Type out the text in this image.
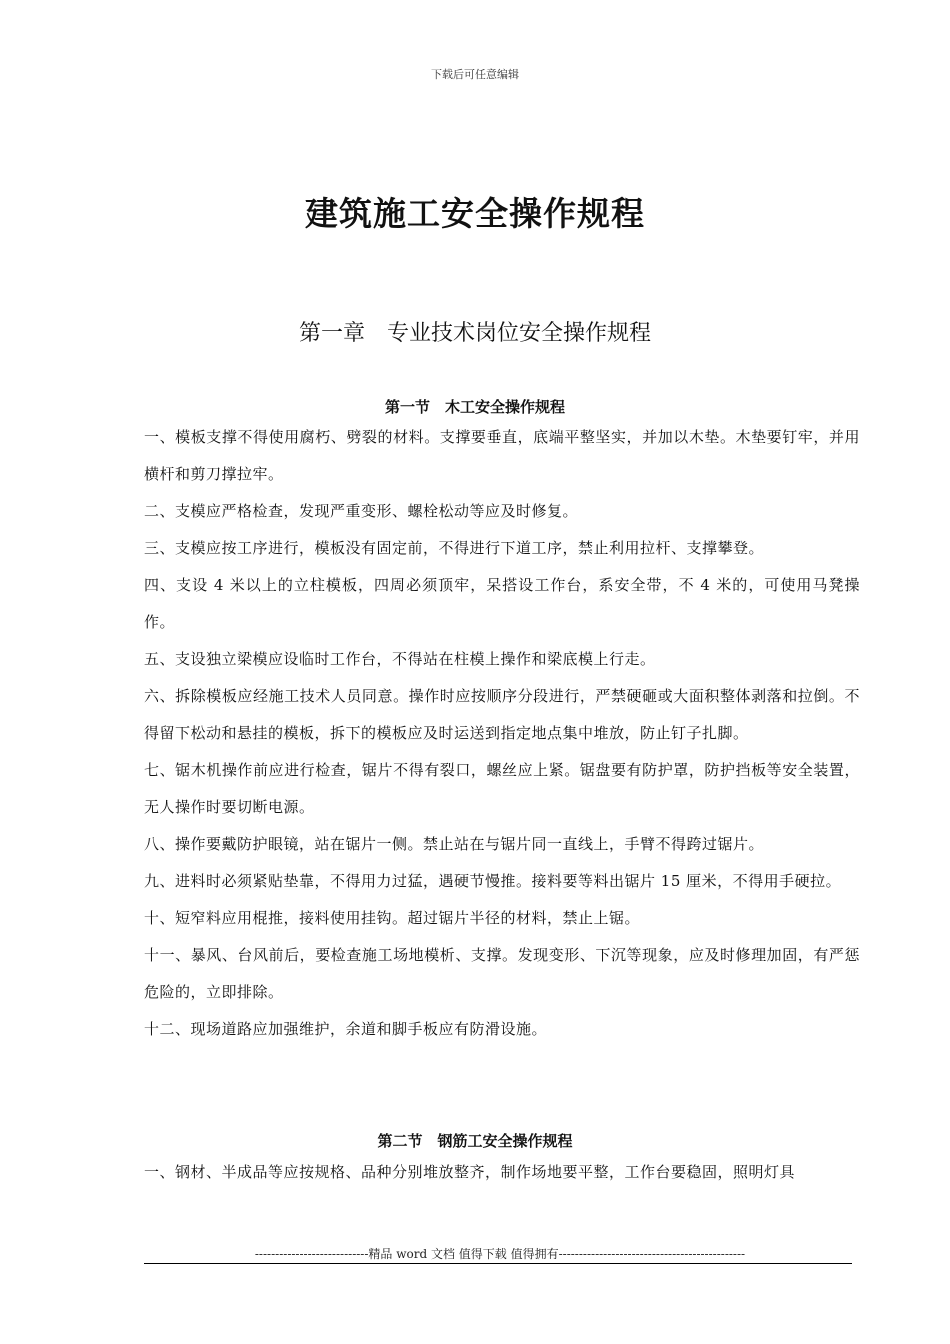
下载后可任意编辑
建筑施工安全操作规程
第一章　专业技术岗位安全操作规程
第一节　木工安全操作规程

一、模板支撑不得使用腐朽、劈裂的材料。支撑要垂直，底端平整坚实，并加以木垫。木垫要钉牢，并用横杆和剪刀撑拉牢。

二、支模应严格检查，发现严重变形、螺栓松动等应及时修复。

三、支模应按工序进行，模板没有固定前，不得进行下道工序，禁止利用拉杆、支撑攀登。

四、支设 4 米以上的立柱模板，四周必须顶牢，呆搭设工作台，系安全带，不 4 米的，可使用马凳操作。

五、支设独立梁模应设临时工作台，不得站在柱模上操作和梁底模上行走。

六、拆除模板应经施工技术人员同意。操作时应按顺序分段进行，严禁硬砸或大面积整体剥落和拉倒。不得留下松动和悬挂的模板，拆下的模板应及时运送到指定地点集中堆放，防止钉子扎脚。

七、锯木机操作前应进行检查，锯片不得有裂口，螺丝应上紧。锯盘要有防护罩，防护挡板等安全装置，无人操作时要切断电源。

八、操作要戴防护眼镜，站在锯片一侧。禁止站在与锯片同一直线上，手臂不得跨过锯片。

九、进料时必须紧贴垫靠，不得用力过猛，遇硬节慢推。接料要等料出锯片 15 厘米，不得用手硬拉。

十、短窄料应用棍推，接料使用挂钩。超过锯片半径的材料，禁止上锯。

十一、暴风、台风前后，要检查施工场地模析、支撑。发现变形、下沉等现象，应及时修理加固，有严惩危险的，立即排除。

十二、现场道路应加强维护，余道和脚手板应有防滑设施。

第二节　钢筋工安全操作规程

一、钢材、半成品等应按规格、品种分别堆放整齐，制作场地要平整，工作台要稳固，照明灯具

----------------------------精品 word 文档 值得下载 值得拥有----------------------------------------------
